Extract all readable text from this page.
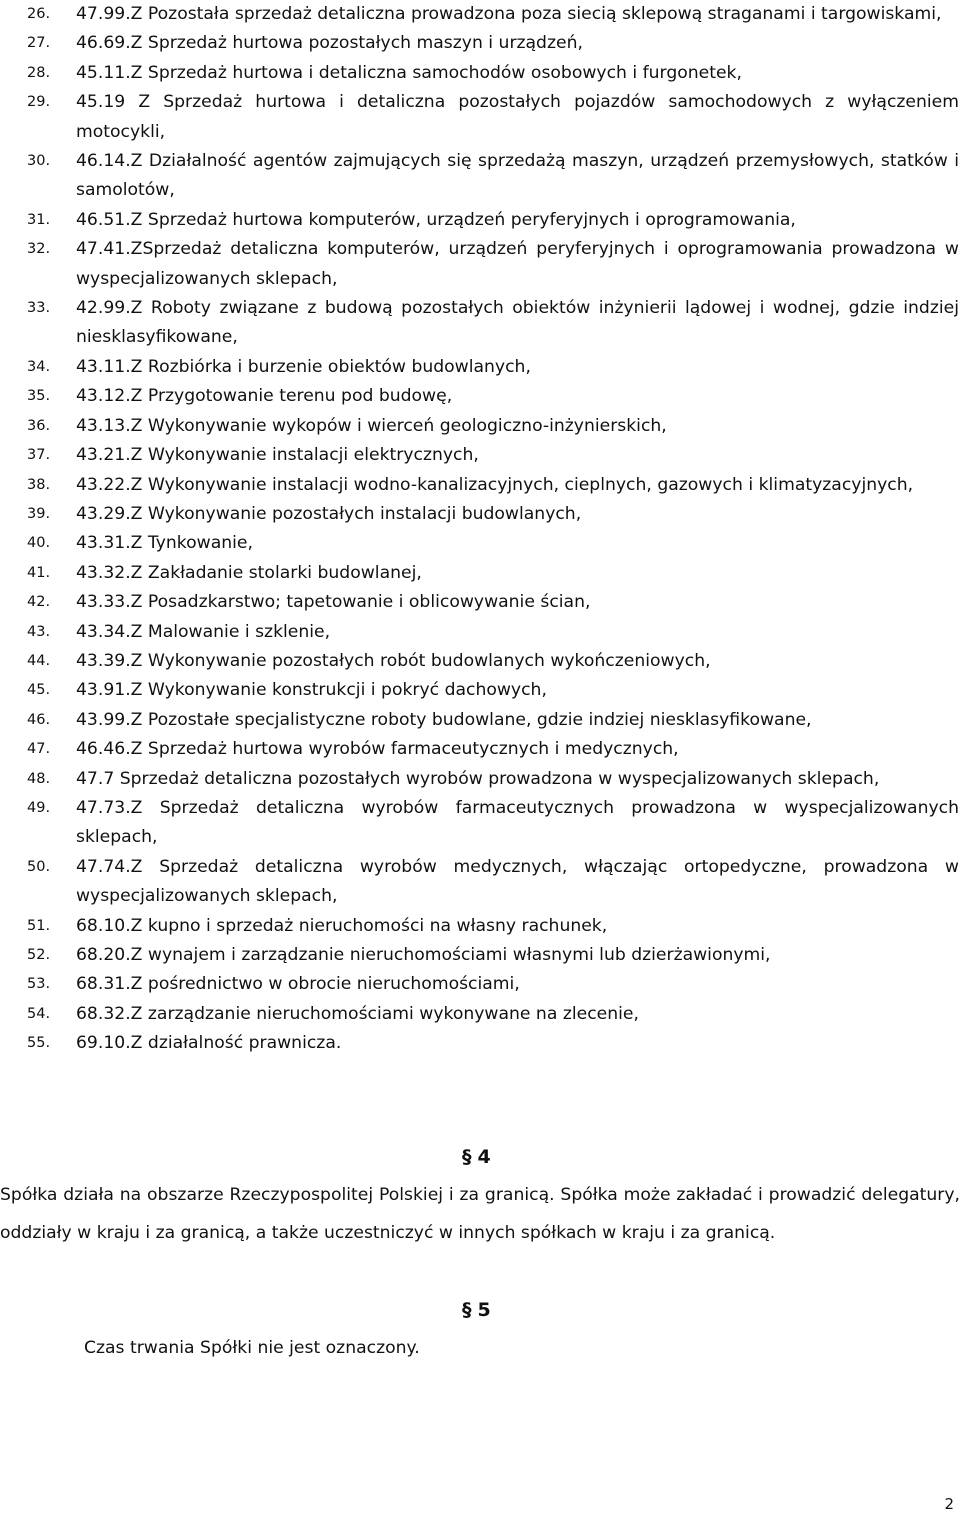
26.	47.99.Z Pozostała sprzedaż detaliczna prowadzona poza siecią sklepową straganami i targowiskami,
27.	46.69.Z Sprzedaż hurtowa pozostałych maszyn i urządzeń,
28.	45.11.Z Sprzedaż hurtowa i detaliczna samochodów osobowych i furgonetek,
29.	45.19 Z Sprzedaż hurtowa i detaliczna pozostałych pojazdów samochodowych z wyłączeniem motocykli,
30.	46.14.Z Działalność agentów zajmujących się sprzedażą maszyn, urządzeń przemysłowych, statków i samolotów,
31.	46.51.Z Sprzedaż hurtowa komputerów, urządzeń peryferyjnych i oprogramowania,
32.	47.41.ZSprzedaż detaliczna komputerów, urządzeń peryferyjnych i oprogramowania prowadzona w wyspecjalizowanych sklepach,
33.	42.99.Z Roboty związane z budową pozostałych obiektów inżynierii lądowej i wodnej, gdzie indziej niesklasyfikowane,
34.	43.11.Z Rozbiórka i burzenie obiektów budowlanych,
35.	43.12.Z Przygotowanie terenu pod budowę,
36.	43.13.Z Wykonywanie wykopów i wierceń geologiczno-inżynierskich,
37.	43.21.Z Wykonywanie instalacji elektrycznych,
38.	43.22.Z Wykonywanie instalacji wodno-kanalizacyjnych, cieplnych, gazowych i klimatyzacyjnych,
39.	43.29.Z Wykonywanie pozostałych instalacji budowlanych,
40.	43.31.Z Tynkowanie,
41.	43.32.Z Zakładanie stolarki budowlanej,
42.	43.33.Z Posadzkarstwo; tapetowanie i oblicowywanie ścian,
43.	43.34.Z Malowanie i szklenie,
44.	43.39.Z Wykonywanie pozostałych robót budowlanych wykończeniowych,
45.	43.91.Z Wykonywanie konstrukcji i pokryć dachowych,
46.	43.99.Z Pozostałe specjalistyczne roboty budowlane, gdzie indziej niesklasyfikowane,
47.	46.46.Z Sprzedaż hurtowa wyrobów farmaceutycznych i medycznych,
48.	47.7 Sprzedaż detaliczna pozostałych wyrobów prowadzona w wyspecjalizowanych sklepach,
49.	47.73.Z Sprzedaż detaliczna wyrobów farmaceutycznych prowadzona w wyspecjalizowanych sklepach,
50.	47.74.Z Sprzedaż detaliczna wyrobów medycznych, włączając ortopedyczne, prowadzona w wyspecjalizowanych sklepach,
51.	68.10.Z kupno i sprzedaż nieruchomości na własny rachunek,
52.	68.20.Z wynajem i zarządzanie nieruchomościami własnymi lub dzierżawionymi,
53.	68.31.Z pośrednictwo w obrocie nieruchomościami,
54.	68.32.Z zarządzanie nieruchomościami wykonywane na zlecenie,
55.	69.10.Z działalność prawnicza.
§ 4

Spółka działa na obszarze Rzeczypospolitej Polskiej i za granicą. Spółka może zakładać i prowadzić delegatury, oddziały w kraju i za granicą, a także uczestniczyć w innych spółkach w kraju i za granicą.

§ 5
Czas trwania Spółki nie jest oznaczony.
2
